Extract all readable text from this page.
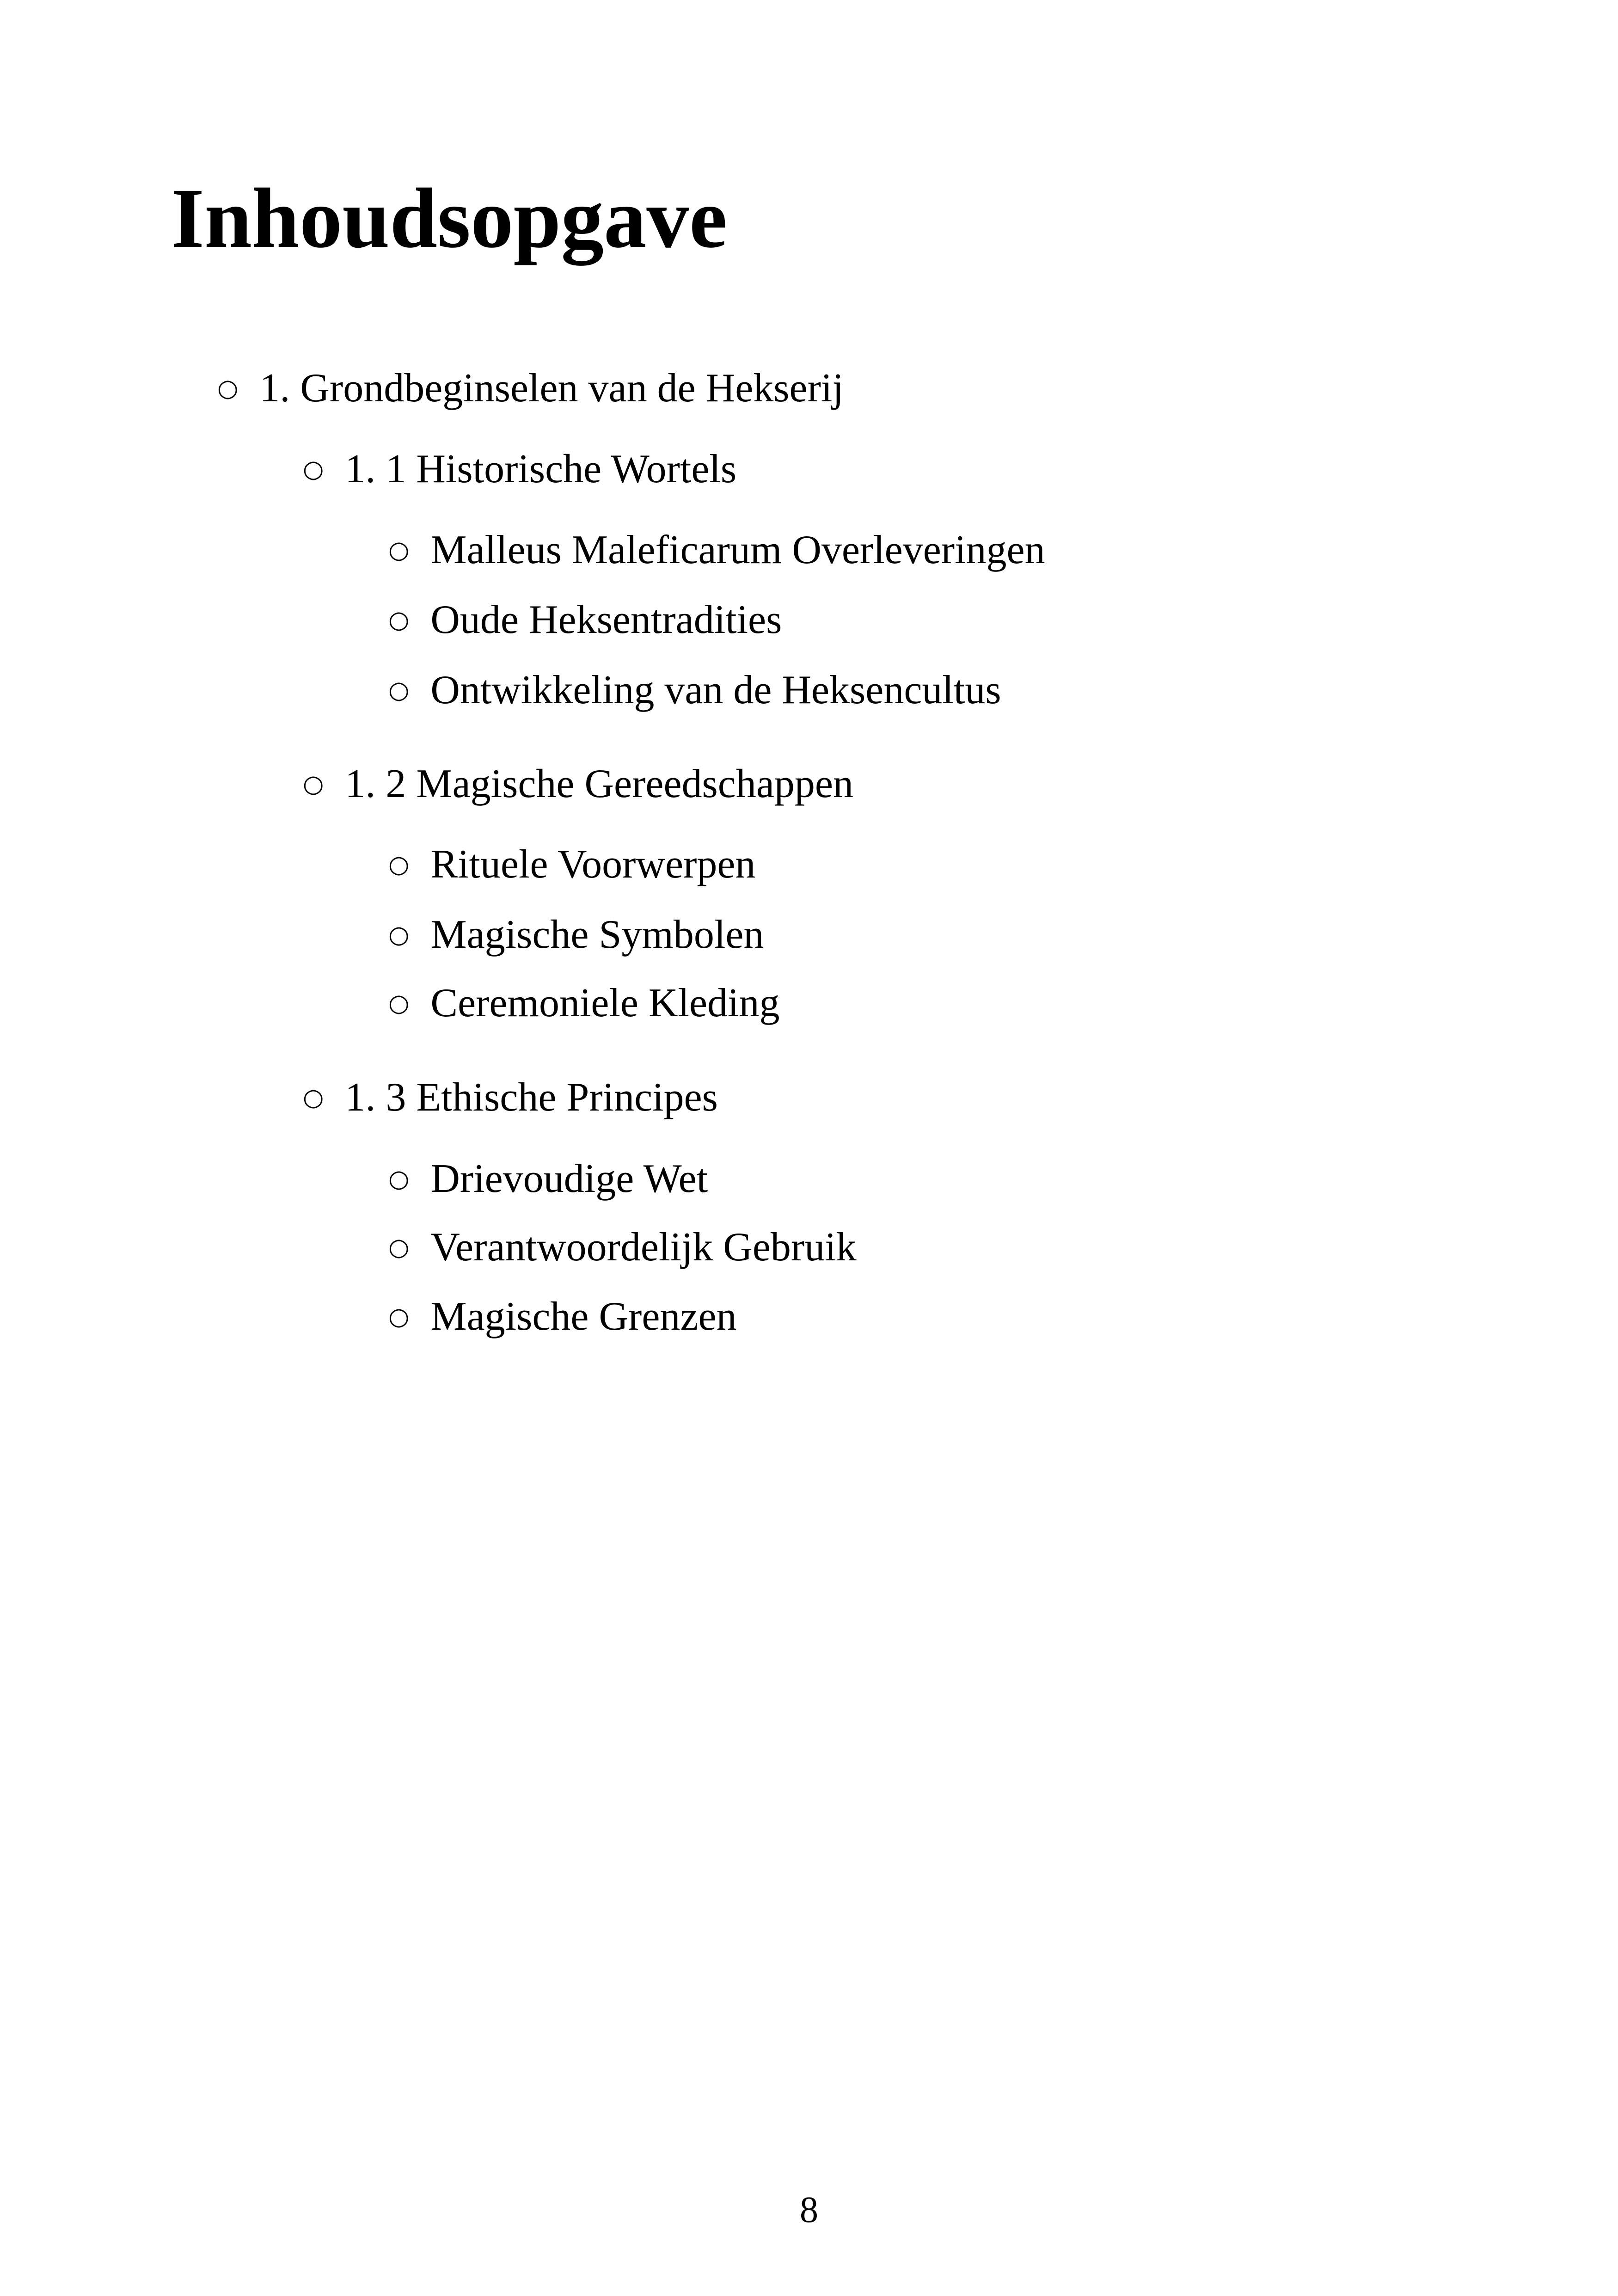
Inhoudsopgave
○ 1. Grondbeginselen van de Hekserij
○ 1. 1 Historische Wortels
○ Malleus Maleficarum Overleveringen
○ Oude Heksentradities
○ Ontwikkeling van de Heksencultus
○ 1. 2 Magische Gereedschappen
○ Rituele Voorwerpen
○ Magische Symbolen
○ Ceremoniele Kleding
○ 1. 3 Ethische Principes
○ Drievoudige Wet
○ Verantwoordelijk Gebruik
○ Magische Grenzen
8
